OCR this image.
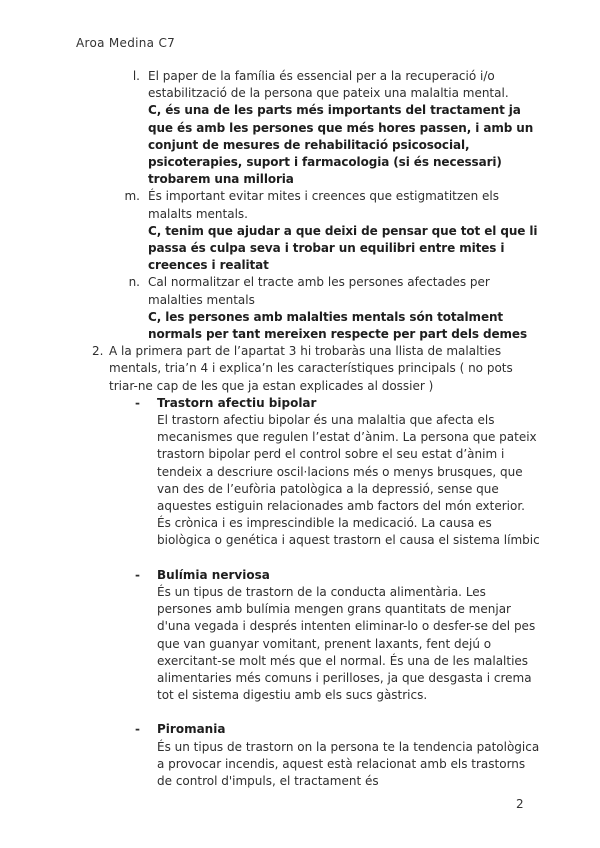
Aroa Medina C7
l. El paper de la família és essencial per a la recuperació i/o estabilització de la persona que pateix una malaltia mental.
C, és una de les parts més importants del tractament ja que és amb les persones que més hores passen, i amb un conjunt de mesures de rehabilitació psicosocial, psicoterapies, suport i farmacologia (si és necessari) trobarem una milloria
m. És important evitar mites i creences que estigmatitzen els malalts mentals.
C, tenim que ajudar a que deixi de pensar que tot el que li passa és culpa seva i trobar un equilibri entre mites i creences i realitat
n. Cal normalitzar el tracte amb les persones afectades per malalties mentals
C, les persones amb malalties mentals són totalment normals per tant mereixen respecte per part dels demes
2. A la primera part de l’apartat 3 hi trobaràs una llista de malalties mentals, tria’n 4 i explica’n les característiques principals ( no pots triar-ne cap de les que ja estan explicades al dossier )
-	Trastorn afectiu bipolar
El trastorn afectiu bipolar és una malaltia que afecta els mecanismes que regulen l’estat d’ànim. La persona que pateix trastorn bipolar perd el control sobre el seu estat d’ànim i tendeix a descriure oscil·lacions més o menys brusques, que van des de l’eufòria patològica a la depressió, sense que aquestes estiguin relacionades amb factors del món exterior. És crònica i es imprescindible la medicació. La causa es biològica o genética i aquest trastorn el causa el sistema límbic
-	Bulímia nerviosa
És un tipus de trastorn de la conducta alimentària. Les persones amb bulímia mengen grans quantitats de menjar d'una vegada i després intenten eliminar-lo o desfer-se del pes que van guanyar vomitant, prenent laxants, fent dejú o exercitant-se molt més que el normal. És una de les malalties alimentaries més comuns i perilloses, ja que desgasta i crema tot el sistema digestiu amb els sucs gàstrics.
-	Piromania
És un tipus de trastorn on la persona te la tendencia patològica a provocar incendis, aquest està relacionat amb els trastorns de control d'impuls, el tractament és
2
